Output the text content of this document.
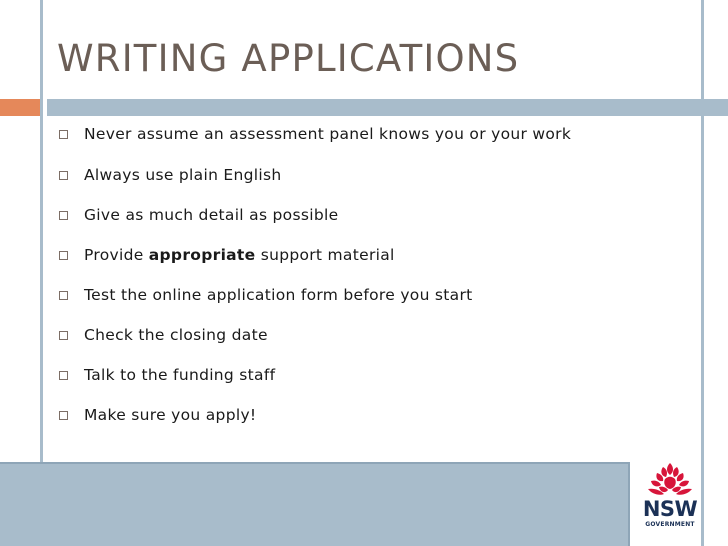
WRITING APPLICATIONS
Never assume an assessment panel knows you or your work
Always use plain English
Give as much detail as possible
Provide appropriate support material
Test the online application form before you start
Check the closing date
Talk to the funding staff
Make sure you apply!
NSW
GOVERNMENT
